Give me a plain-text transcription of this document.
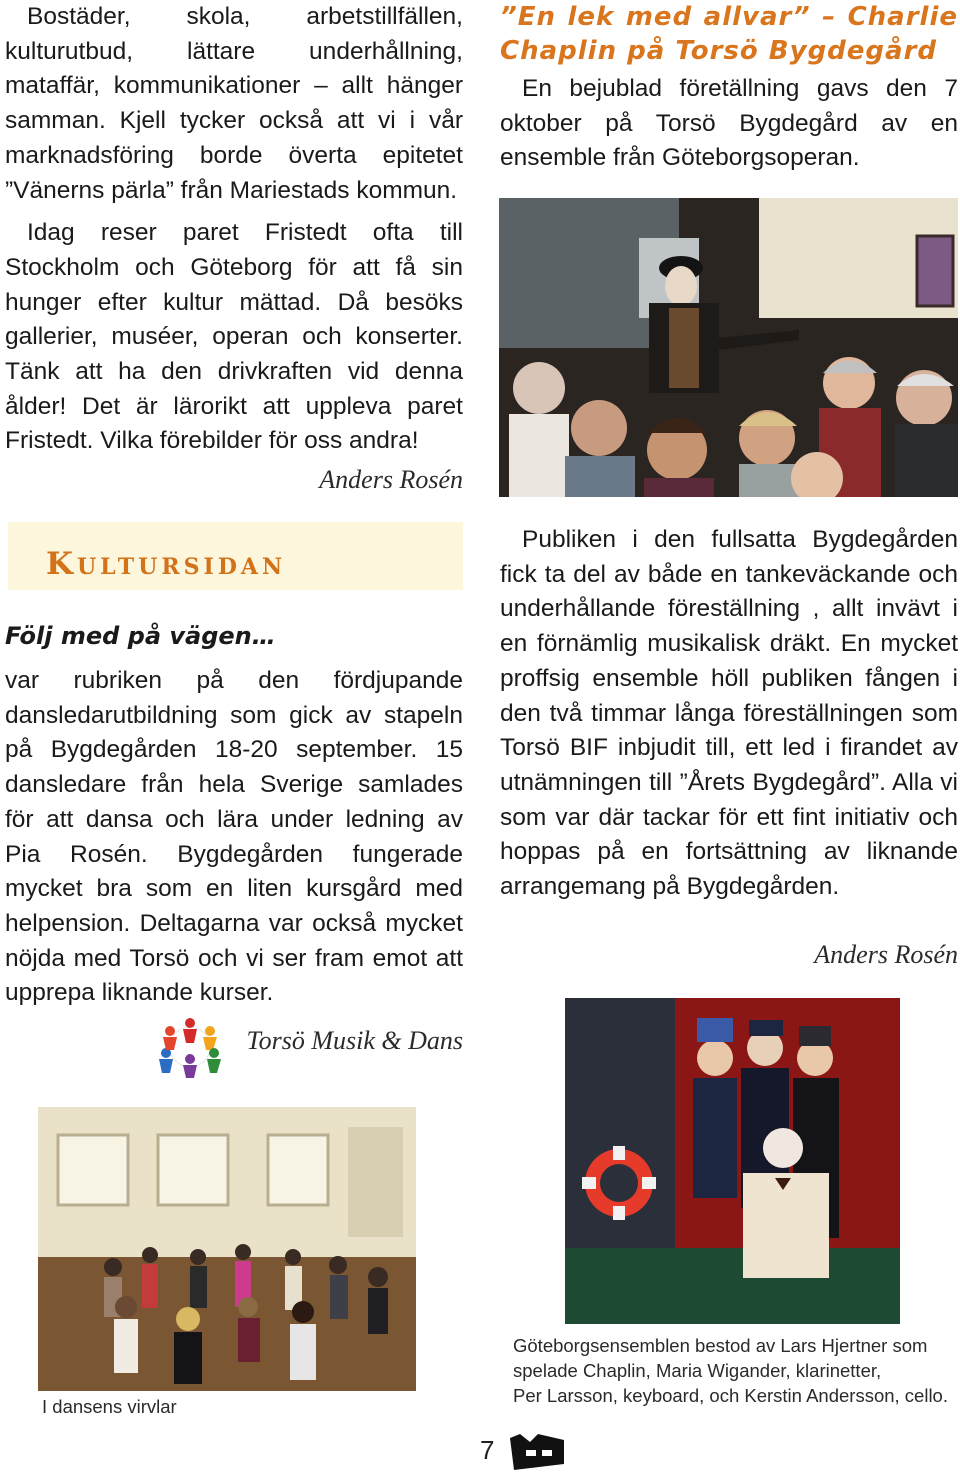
Bostäder, skola, arbetstillfällen, kulturutbud, lättare underhållning, mataffär, kommunikationer – allt hänger samman. Kjell tycker också att vi i vår marknadsföring borde överta epitetet ”Vänerns pärla” från Mariestads kommun.

Idag reser paret Fristedt ofta till Stockholm och Göteborg för att få sin hunger efter kultur mättad. Då besöks gallerier, muséer, operan och konserter. Tänk att ha den drivkraften vid denna ålder! Det är lärorikt att uppleva paret Fristedt. Vilka förebilder för oss andra!

Anders Rosén
Kultursidan
Följ med på vägen…

var rubriken på den fördjupande dansledarutbildning som gick av stapeln på Bygdegården 18-20 september. 15 dansledare från hela Sverige samlades för att dansa och lära under ledning av Pia Rosén. Bygdegården fungerade mycket bra som en liten kursgård med helpension. Deltagarna var också mycket nöjda med Torsö och vi ser fram emot att upprepa liknande kurser.

Torsö Musik & Dans
I dansens virvlar
”En lek med allvar” – Charlie Chaplin på Torsö Bygdegård

En bejublad företällning gavs den 7 oktober på Torsö Bygdegård av en ensemble från Göteborgsoperan.

Publiken i den fullsatta Bygdegården fick ta del av både en tankeväckande och underhållande föreställning , allt invävt i en förnämlig musikalisk dräkt. En mycket proffsig ensemble höll publiken fången i den två timmar långa föreställningen som Torsö BIF inbjudit till, ett led i firandet av utnämningen till ”Årets Bygdegård”. Alla vi som var där tackar för ett fint initiativ och hoppas på en fortsättning av liknande arrangemang på Bygdegården.

Anders Rosén
Göteborgsensemblen bestod av Lars Hjertner som
spelade Chaplin, Maria Wigander, klarinetter,
Per Larsson, keyboard, och Kerstin Andersson, cello.
7
